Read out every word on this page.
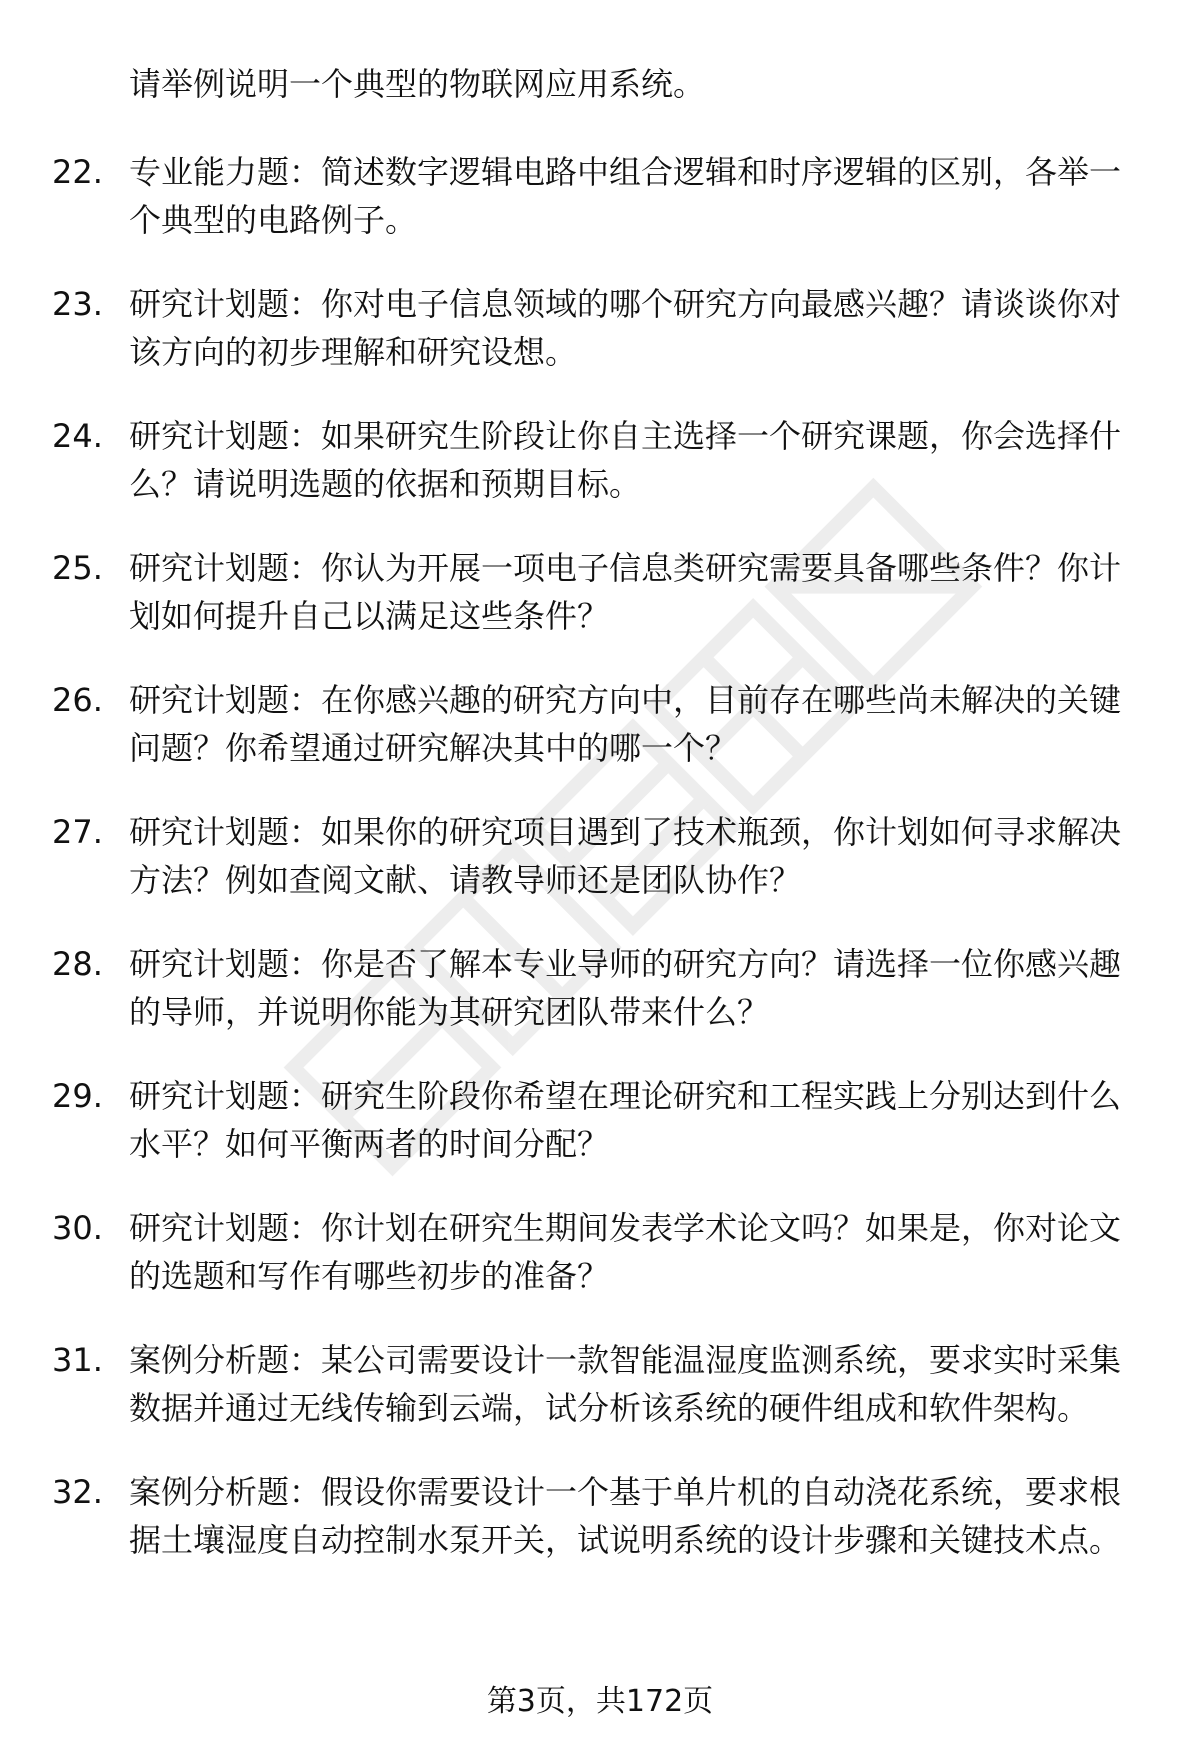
请举例说明一个典型的物联网应用系统。

22. 专业能力题：简述数字逻辑电路中组合逻辑和时序逻辑的区别，各举一个典型的电路例子。

23. 研究计划题：你对电子信息领域的哪个研究方向最感兴趣？请谈谈你对该方向的初步理解和研究设想。

24. 研究计划题：如果研究生阶段让你自主选择一个研究课题，你会选择什么？请说明选题的依据和预期目标。

25. 研究计划题：你认为开展一项电子信息类研究需要具备哪些条件？你计划如何提升自己以满足这些条件？

26. 研究计划题：在你感兴趣的研究方向中，目前存在哪些尚未解决的关键问题？你希望通过研究解决其中的哪一个？

27. 研究计划题：如果你的研究项目遇到了技术瓶颈，你计划如何寻求解决方法？例如查阅文献、请教导师还是团队协作？

28. 研究计划题：你是否了解本专业导师的研究方向？请选择一位你感兴趣的导师，并说明你能为其研究团队带来什么？

29. 研究计划题：研究生阶段你希望在理论研究和工程实践上分别达到什么水平？如何平衡两者的时间分配？

30. 研究计划题：你计划在研究生期间发表学术论文吗？如果是，你对论文的选题和写作有哪些初步的准备？

31. 案例分析题：某公司需要设计一款智能温湿度监测系统，要求实时采集数据并通过无线传输到云端，试分析该系统的硬件组成和软件架构。

32. 案例分析题：假设你需要设计一个基于单片机的自动浇花系统，要求根据土壤湿度自动控制水泵开关，试说明系统的设计步骤和关键技术点。

第3页，共172页
